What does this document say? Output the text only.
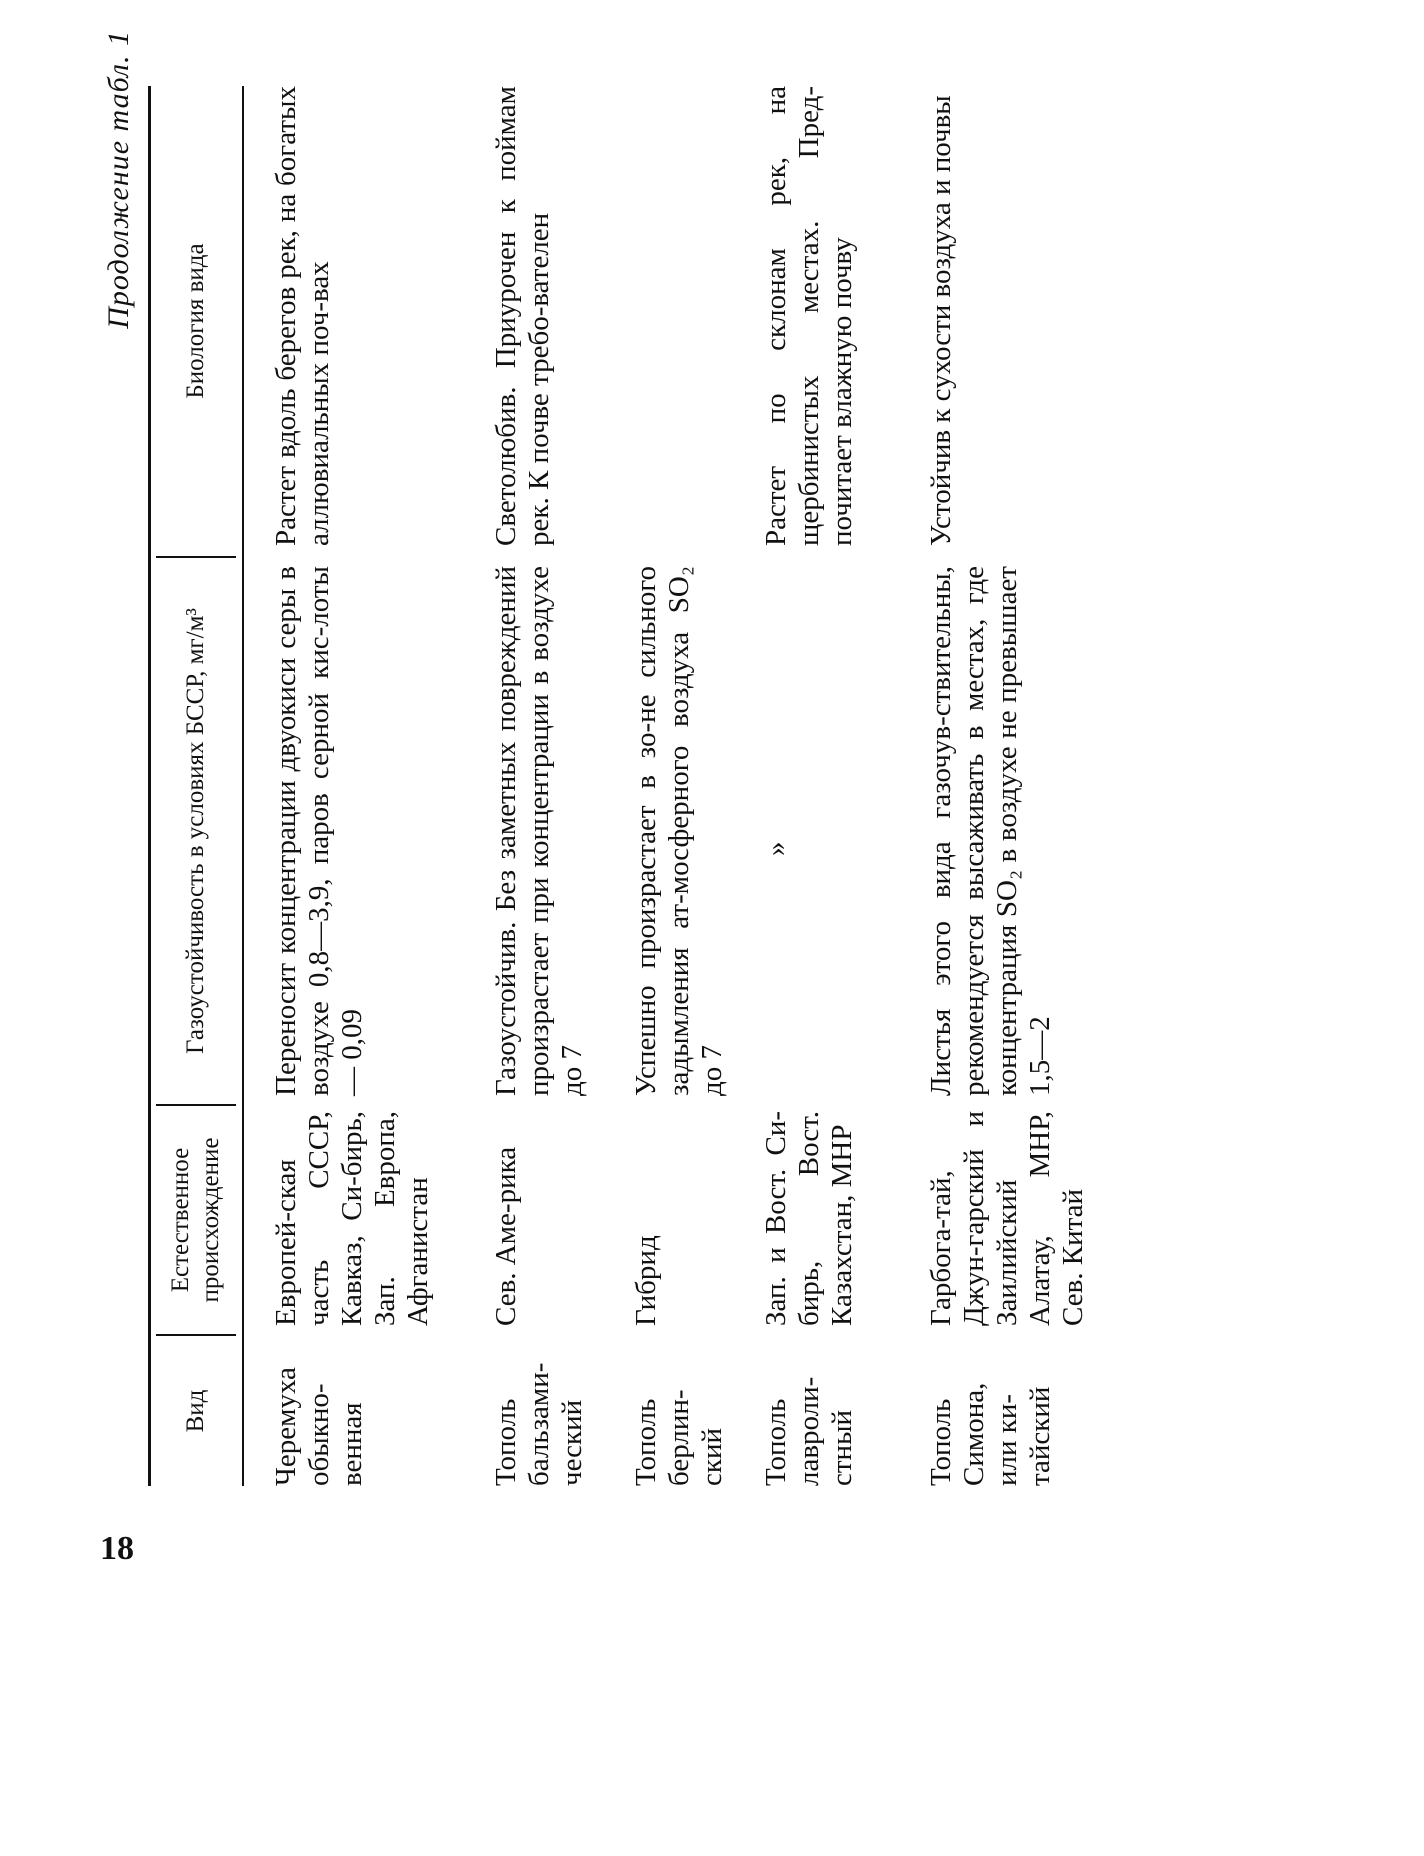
Продолжение табл. 1
Вид
Естественное происхождение
Газоустойчивость в условиях БССР, мг/м³
Биология вида
Черемуха обыкно-венная
Европей-ская часть СССР, Кавказ, Си-бирь, Зап. Европа, Афганистан
Переносит концентрации двуокиси серы в воздухе 0,8—3,9, паров серной кис-лоты — 0,09
Растет вдоль берегов рек, на богатых аллювиальных поч-вах
Тополь бальзами-ческий
Сев. Аме-рика
Газоустойчив. Без заметных повреждений произрастает при концентрации в воздухе до 7
Светолюбив. Приурочен к поймам рек. К почве требо-вателен
Тополь берлин-ский
Гибрид
Успешно произрастает в зо-не сильного задымления ат-мосферного воздуха SO₂ до 7
Тополь лавроли-стный
Зап. и Вост. Си-бирь, Вост. Казахстан, МНР
»
Растет по склонам рек, на щербинистых местах. Пред-почитает влажную почву
Тополь Симона, или ки-тайский
Гарбога-тай, Джун-гарский и Заилийский Алатау, МНР, Сев. Китай
Листья этого вида газочув-ствительны, рекомендуется высаживать в местах, где концентрация SO₂ в воздухе не превышает 1,5—2
Устойчив к сухости воздуха и почвы
18
